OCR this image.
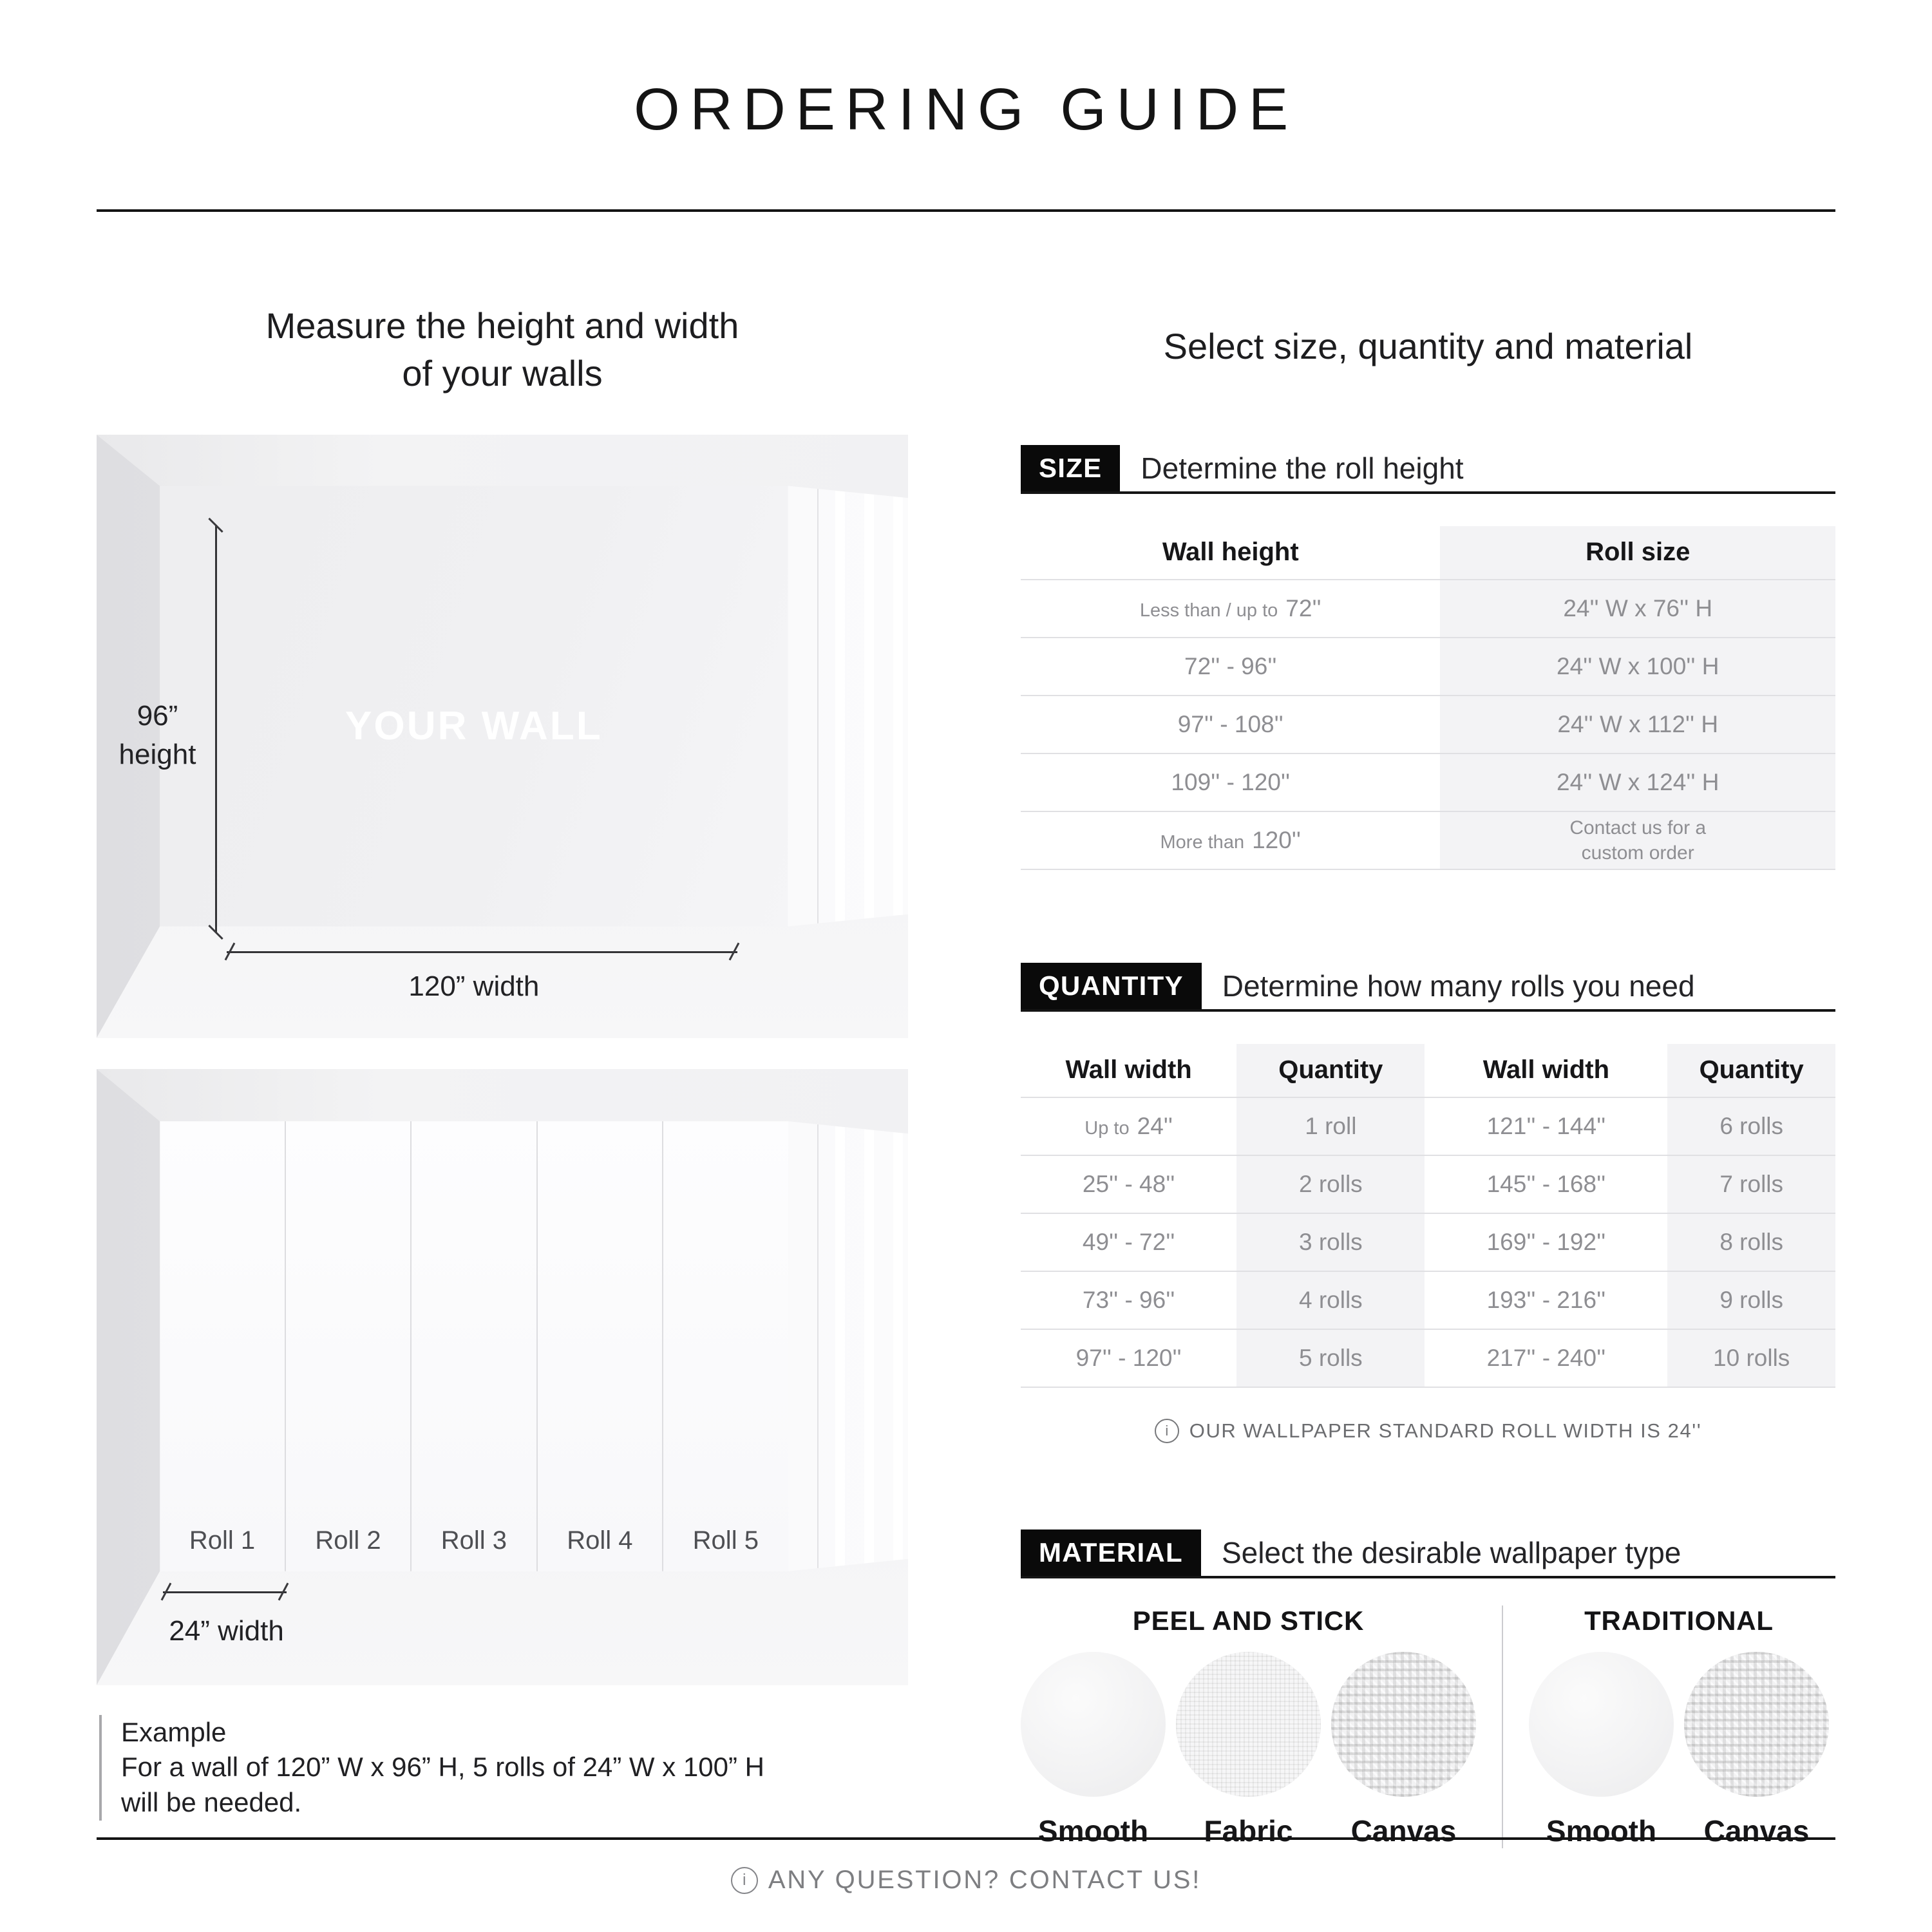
ORDERING GUIDE
Measure the height and width
of your walls
YOUR WALL
96”
height
120” width
Roll 1	Roll 2	Roll 3	Roll 4	Roll 5
24” width
Example
For a wall of 120” W x 96” H, 5 rolls of 24” W x 100” H
will be needed.
Select size, quantity and material
SIZE	Determine the roll height
Wall height	Roll size
Less than / up to 72''	24'' W x 76'' H
72'' - 96''	24'' W x 100'' H
97'' - 108''	24'' W x 112'' H
109'' - 120''	24'' W x 124'' H
More than 120''	Contact us for a
custom order
QUANTITY	Determine how many rolls you need
Wall width	Quantity	Wall width	Quantity
Up to 24''	1 roll	121'' - 144''	6 rolls
25'' - 48''	2 rolls	145'' - 168''	7 rolls
49'' - 72''	3 rolls	169'' - 192''	8 rolls
73'' - 96''	4 rolls	193'' - 216''	9 rolls
97'' - 120''	5 rolls	217'' - 240''	10 rolls
i	OUR WALLPAPER STANDARD ROLL WIDTH IS 24''
MATERIAL	Select the desirable wallpaper type
PEEL AND STICK
Smooth Fabric Canvas
TRADITIONAL
Smooth Canvas
i ANY QUESTION? CONTACT US!
